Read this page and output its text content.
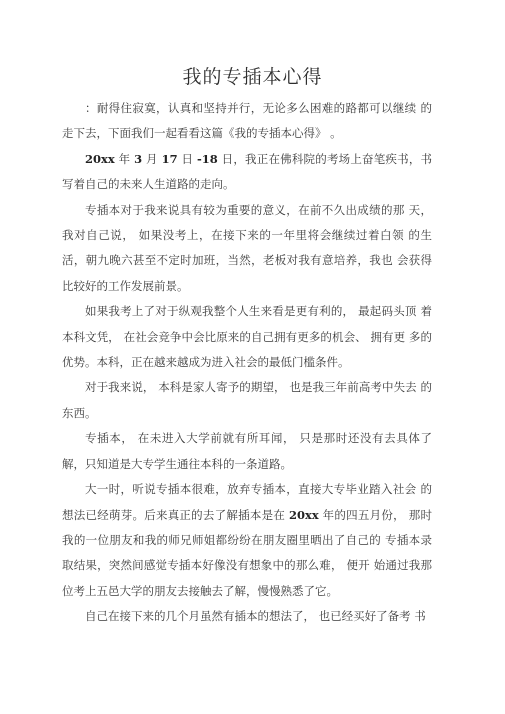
我的专插本心得

：耐得住寂寞，认真和坚持并行，无论多么困难的路都可以继续 的走下去，下面我们一起看看这篇《我的专插本心得》 。

20xx 年 3 月 17 日 -18 日，我正在佛科院的考场上奋笔疾书，书 写着自己的未来人生道路的走向。

专插本对于我来说具有较为重要的意义，在前不久出成绩的那 天，我对自己说， 如果没考上，在接下来的一年里将会继续过着白领 的生活，朝九晚六甚至不定时加班，当然，老板对我有意培养，我也 会获得比较好的工作发展前景。

如果我考上了对于纵观我整个人生来看是更有利的， 最起码头顶 着本科文凭， 在社会竞争中会比原来的自己拥有更多的机会、 拥有更 多的优势。本科，正在越来越成为进入社会的最低门槛条件。

对于我来说， 本科是家人寄予的期望， 也是我三年前高考中失去 的东西。

专插本， 在未进入大学前就有所耳闻， 只是那时还没有去具体了 解，只知道是大专学生通往本科的一条道路。

大一时，听说专插本很难，放弃专插本，直接大专毕业踏入社会 的想法已经萌芽。后来真正的去了解插本是在 20xx 年的四五月份， 那时我的一位朋友和我的师兄师姐都纷纷在朋友圈里晒出了自己的 专插本录取结果，突然间感觉专插本好像没有想象中的那么难， 便开 始通过我那位考上五邑大学的朋友去接触去了解，慢慢熟悉了它。

自己在接下来的几个月虽然有插本的想法了， 也已经买好了备考 书
